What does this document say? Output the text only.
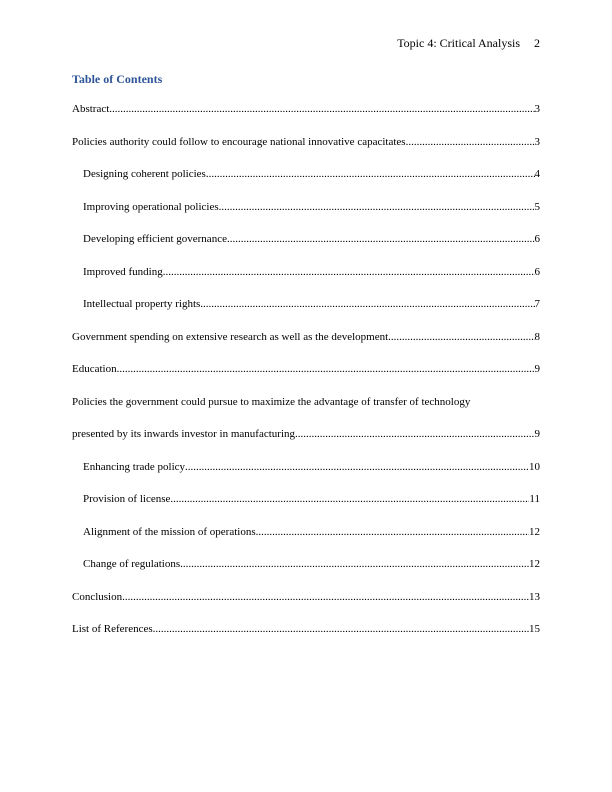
Topic 4: Critical Analysis 2
Table of Contents
Abstract .....	3
Policies authority could follow to encourage national innovative capacitates .....	3
Designing coherent policies .....	4
Improving operational policies .....	5
Developing efficient governance .....	6
Improved funding .....	6
Intellectual property rights .....	7
Government spending on extensive research as well as the development .....	8
Education .....	9
Policies the government could pursue to maximize the advantage of transfer of technology
presented by its inwards investor in manufacturing .....	9
Enhancing trade policy .....	10
Provision of license .....	11
Alignment of the mission of operations .....	12
Change of regulations .....	12
Conclusion .....	13
List of References .....	15
